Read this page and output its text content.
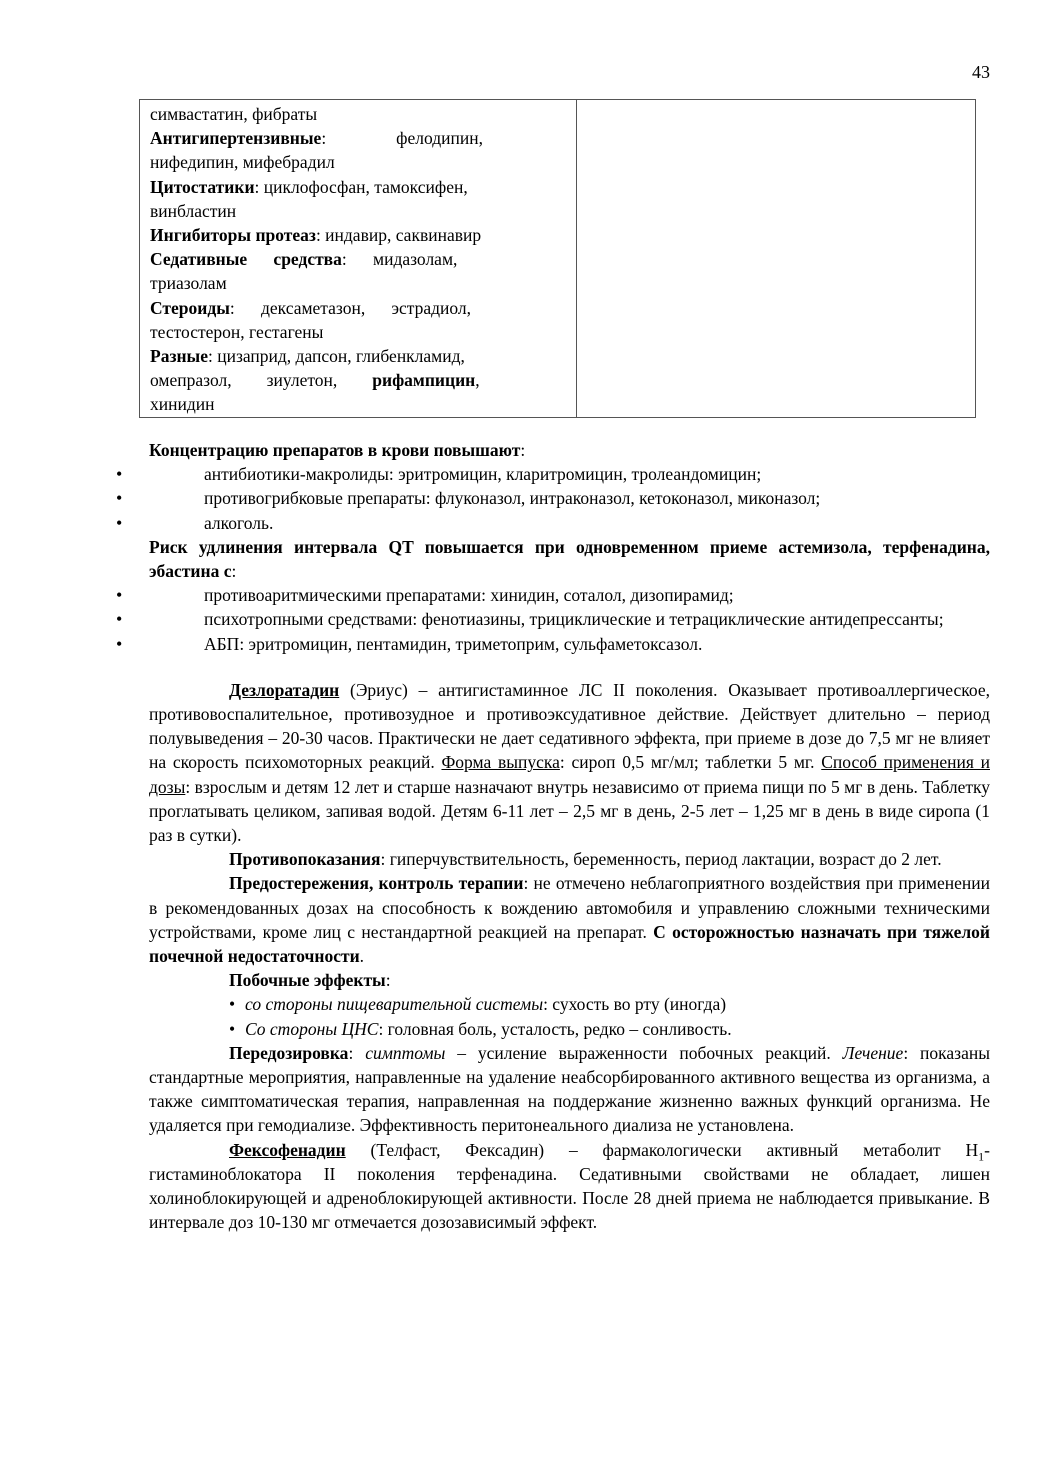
43
симвастатин, фибраты
Антигипертензивные:                фелодипин,
нифедипин, мифебрадил
Цитостатики: циклофосфан, тамоксифен,
винбластин
Ингибиторы протеаз: индавир, саквинавир
Седативные      средства:      мидазолам,
триазолам
Стероиды:      дексаметазон,      эстрадиол,
тестостерон, гестагены
Разные: цизаприд, дапсон, глибенкламид,
омепразол,        зиулетон,        рифампицин,
хинидин

Концентрацию препаратов в крови повышают:

• антибиотики-макролиды: эритромицин, кларитромицин, тролеандомицин;
• противогрибковые препараты: флуконазол, интраконазол, кетоконазол, миконазол;
• алкоголь.

Риск удлинения интервала QT повышается при одновременном приеме астемизола, терфенадина, эбастина с:

• противоаритмическими препаратами: хинидин, соталол, дизопирамид;
• психотропными средствами: фенотиазины, трициклические и тетрациклические антидепрессанты;
• АБП: эритромицин, пентамидин, триметоприм, сульфаметоксазол.

Дезлоратадин (Эриус) – антигистаминное ЛС II поколения. Оказывает противоаллергическое, противовоспалительное, противозудное и противоэксудативное действие. Действует длительно – период полувыведения – 20-30 часов. Практически не дает седативного эффекта, при приеме в дозе до 7,5 мг не влияет на скорость психомоторных реакций. Форма выпуска: сироп 0,5 мг/мл; таблетки 5 мг. Способ применения и дозы: взрослым и детям 12 лет и старше назначают внутрь независимо от приема пищи по 5 мг в день. Таблетку проглатывать целиком, запивая водой. Детям 6-11 лет – 2,5 мг в день, 2-5 лет – 1,25 мг в день в виде сиропа (1 раз в сутки).

Противопоказания: гиперчувствительность, беременность, период лактации, возраст до 2 лет.

Предостережения, контроль терапии: не отмечено неблагоприятного воздействия при применении в рекомендованных дозах на способность к вождению автомобиля и управлению сложными техническими устройствами, кроме лиц с нестандартной реакцией на препарат. С осторожностью назначать при тяжелой почечной недостаточности.

Побочные эффекты:

• со стороны пищеварительной системы: сухость во рту (иногда)
• Со стороны ЦНС: головная боль, усталость, редко – сонливость.

Передозировка: симптомы – усиление выраженности побочных реакций. Лечение: показаны стандартные мероприятия, направленные на удаление неабсорбированного активного вещества из организма, а также симптоматическая терапия, направленная на поддержание жизненно важных функций организма. Не удаляется при гемодиализе. Эффективность перитонеального диализа не установлена.

Фексофенадин (Телфаст, Фексадин) – фармакологически активный метаболит $Н_1$-гистаминоблокатора II поколения терфенадина. Седативными свойствами не обладает, лишен холиноблокирующей и адреноблокирующей активности. После 28 дней приема не наблюдается привыкание. В интервале доз 10-130 мг отмечается дозозависимый эффект.
